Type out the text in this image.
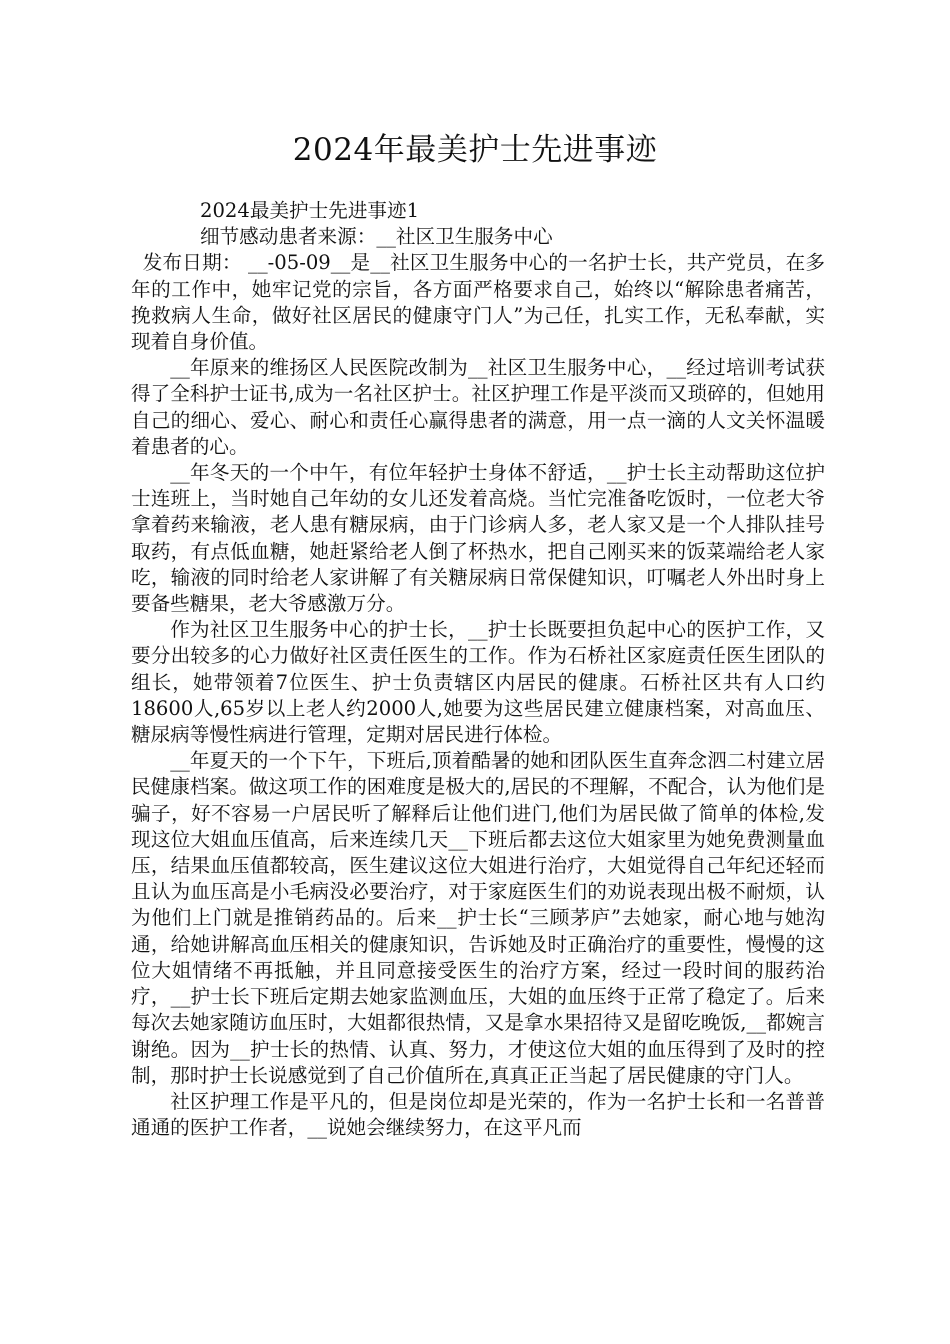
2024年最美护士先进事迹

2024最美护士先进事迹1

细节感动患者来源：__社区卫生服务中心

发布日期： __-05-09__是__社区卫生服务中心的一名护士长，共产党员，在多年的工作中，她牢记党的宗旨，各方面严格要求自己，始终以“解除患者痛苦，挽救病人生命，做好社区居民的健康守门人”为己任，扎实工作，无私奉献，实现着自身价值。

__年原来的维扬区人民医院改制为__社区卫生服务中心，__经过培训考试获得了全科护士证书,成为一名社区护士。社区护理工作是平淡而又琐碎的，但她用自己的细心、爱心、耐心和责任心赢得患者的满意，用一点一滴的人文关怀温暖着患者的心。

__年冬天的一个中午，有位年轻护士身体不舒适，__护士长主动帮助这位护士连班上，当时她自己年幼的女儿还发着高烧。当忙完准备吃饭时，一位老大爷拿着药来输液，老人患有糖尿病，由于门诊病人多，老人家又是一个人排队挂号取药，有点低血糖，她赶紧给老人倒了杯热水，把自己刚买来的饭菜端给老人家吃，输液的同时给老人家讲解了有关糖尿病日常保健知识，叮嘱老人外出时身上要备些糖果，老大爷感激万分。

作为社区卫生服务中心的护士长，__护士长既要担负起中心的医护工作，又要分出较多的心力做好社区责任医生的工作。作为石桥社区家庭责任医生团队的组长，她带领着7位医生、护士负责辖区内居民的健康。石桥社区共有人口约18600人,65岁以上老人约2000人,她要为这些居民建立健康档案，对高血压、糖尿病等慢性病进行管理，定期对居民进行体检。

__年夏天的一个下午，下班后,顶着酷暑的她和团队医生直奔念泗二村建立居民健康档案。做这项工作的困难度是极大的,居民的不理解，不配合，认为他们是骗子，好不容易一户居民听了解释后让他们进门,他们为居民做了简单的体检,发现这位大姐血压值高，后来连续几天__下班后都去这位大姐家里为她免费测量血压，结果血压值都较高，医生建议这位大姐进行治疗，大姐觉得自己年纪还轻而且认为血压高是小毛病没必要治疗，对于家庭医生们的劝说表现出极不耐烦，认为他们上门就是推销药品的。后来__护士长“三顾茅庐”去她家，耐心地与她沟通，给她讲解高血压相关的健康知识，告诉她及时正确治疗的重要性，慢慢的这位大姐情绪不再抵触，并且同意接受医生的治疗方案，经过一段时间的服药治疗，__护士长下班后定期去她家监测血压，大姐的血压终于正常了稳定了。后来每次去她家随访血压时，大姐都很热情，又是拿水果招待又是留吃晚饭,__都婉言谢绝。因为__护士长的热情、认真、努力，才使这位大姐的血压得到了及时的控制，那时护士长说感觉到了自己价值所在,真真正正当起了居民健康的守门人。

社区护理工作是平凡的，但是岗位却是光荣的，作为一名护士长和一名普普通通的医护工作者，__说她会继续努力，在这平凡而
